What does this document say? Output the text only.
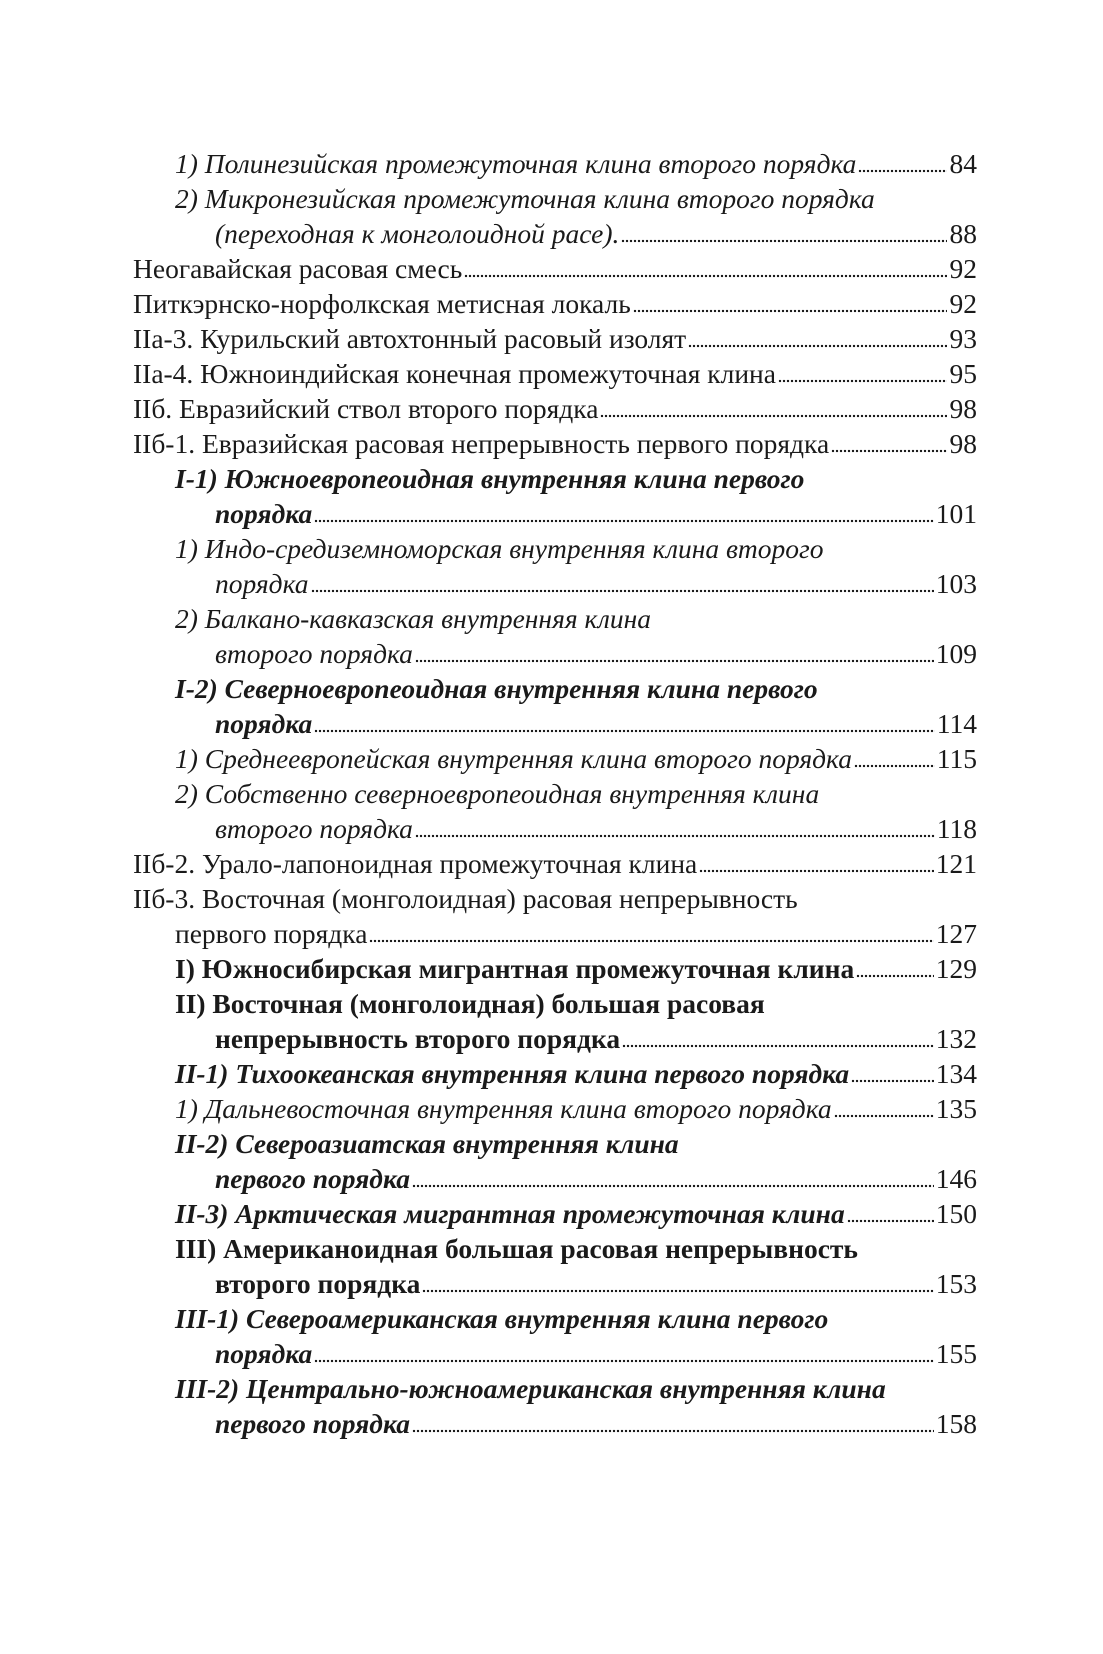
1) Полинезийская промежуточная клина второго порядка	84
2) Микронезийская промежуточная клина второго порядка
(переходная к монголоидной расе).	88
Неогавайская расовая смесь	92
Питкэрнско-норфолкская метисная локаль	92
IIа-3. Курильский автохтонный расовый изолят	93
IIа-4. Южноиндийская конечная промежуточная клина	95
IIб. Евразийский ствол второго порядка	98
IIб-1. Евразийская расовая непрерывность первого порядка	98
I-1) Южноевропеоидная внутренняя клина первого
порядка	101
1) Индо-средиземноморская внутренняя клина второго
порядка	103
2) Балкано-кавказская внутренняя клина
второго порядка	109
I-2) Северноевропеоидная внутренняя клина первого
порядка	114
1) Среднеевропейская внутренняя клина второго порядка	115
2) Собственно северноевропеоидная внутренняя клина
второго порядка	118
IIб-2. Урало-лапоноидная промежуточная клина	121
IIб-3. Восточная (монголоидная) расовая непрерывность
первого порядка	127
I) Южносибирская мигрантная промежуточная клина	129
II) Восточная (монголоидная) большая расовая
непрерывность второго порядка	132
II-1) Тихоокеанская внутренняя клина первого порядка	134
1) Дальневосточная внутренняя клина второго порядка	135
II-2) Североазиатская внутренняя клина
первого порядка	146
II-3) Арктическая мигрантная промежуточная клина	150
III) Американоидная большая расовая непрерывность
второго порядка	153
III-1) Североамериканская внутренняя клина первого
порядка	155
III-2) Центрально-южноамериканская внутренняя клина
первого порядка	158
